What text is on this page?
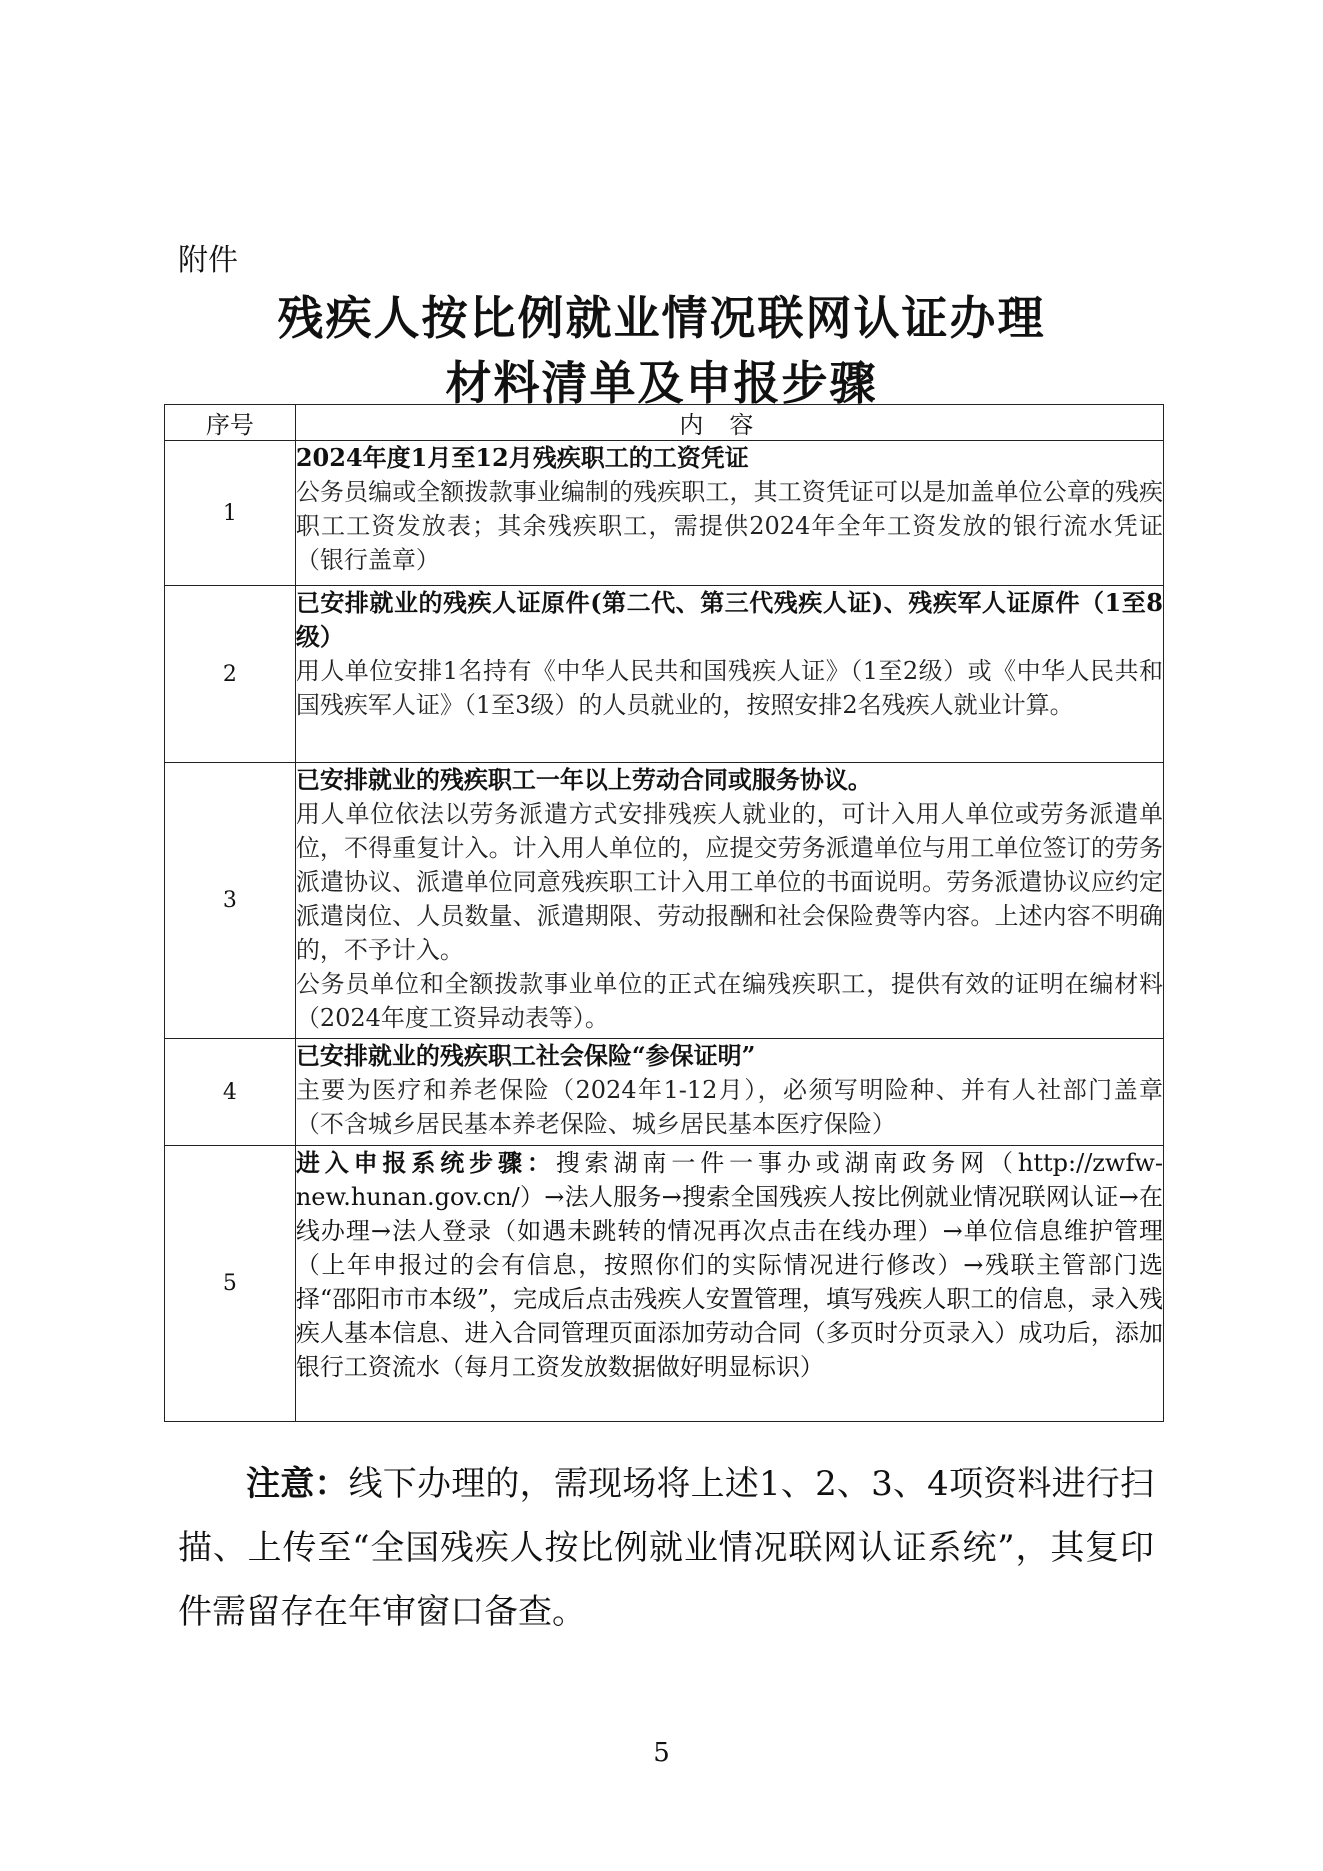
附件
残疾人按比例就业情况联网认证办理
材料清单及申报步骤
序号	内容
1	2024年度1月至12月残疾职工的工资凭证
公务员编或全额拨款事业编制的残疾职工，其工资凭证可以是加盖单位公章的残疾职工工资发放表；其余残疾职工，需提供2024年全年工资发放的银行流水凭证（银行盖章）

2	已安排就业的残疾人证原件(第二代、第三代残疾人证)、残疾军人证原件（1至8级）
用人单位安排1名持有《中华人民共和国残疾人证》（1至2级）或《中华人民共和国残疾军人证》（1至3级）的人员就业的，按照安排2名残疾人就业计算。

3	已安排就业的残疾职工一年以上劳动合同或服务协议。
用人单位依法以劳务派遣方式安排残疾人就业的，可计入用人单位或劳务派遣单位，不得重复计入。计入用人单位的，应提交劳务派遣单位与用工单位签订的劳务派遣协议、派遣单位同意残疾职工计入用工单位的书面说明。劳务派遣协议应约定派遣岗位、人员数量、派遣期限、劳动报酬和社会保险费等内容。上述内容不明确的，不予计入。
公务员单位和全额拨款事业单位的正式在编残疾职工，提供有效的证明在编材料（2024年度工资异动表等）。

4	已安排就业的残疾职工社会保险“参保证明”
主要为医疗和养老保险（2024年1-12月），必须写明险种、并有人社部门盖章（不含城乡居民基本养老保险、城乡居民基本医疗保险）

5	进入申报系统步骤：搜索湖南一件一事办或湖南政务网（http://zwfw-new.hunan.gov.cn/）→法人服务→搜索全国残疾人按比例就业情况联网认证→在线办理→法人登录（如遇未跳转的情况再次点击在线办理）→单位信息维护管理（上年申报过的会有信息，按照你们的实际情况进行修改）→残联主管部门选择“邵阳市市本级”，完成后点击残疾人安置管理，填写残疾人职工的信息，录入残疾人基本信息、进入合同管理页面添加劳动合同（多页时分页录入）成功后，添加银行工资流水（每月工资发放数据做好明显标识）
注意：线下办理的，需现场将上述1、2、3、4项资料进行扫描、上传至“全国残疾人按比例就业情况联网认证系统”，其复印件需留存在年审窗口备查。
5
